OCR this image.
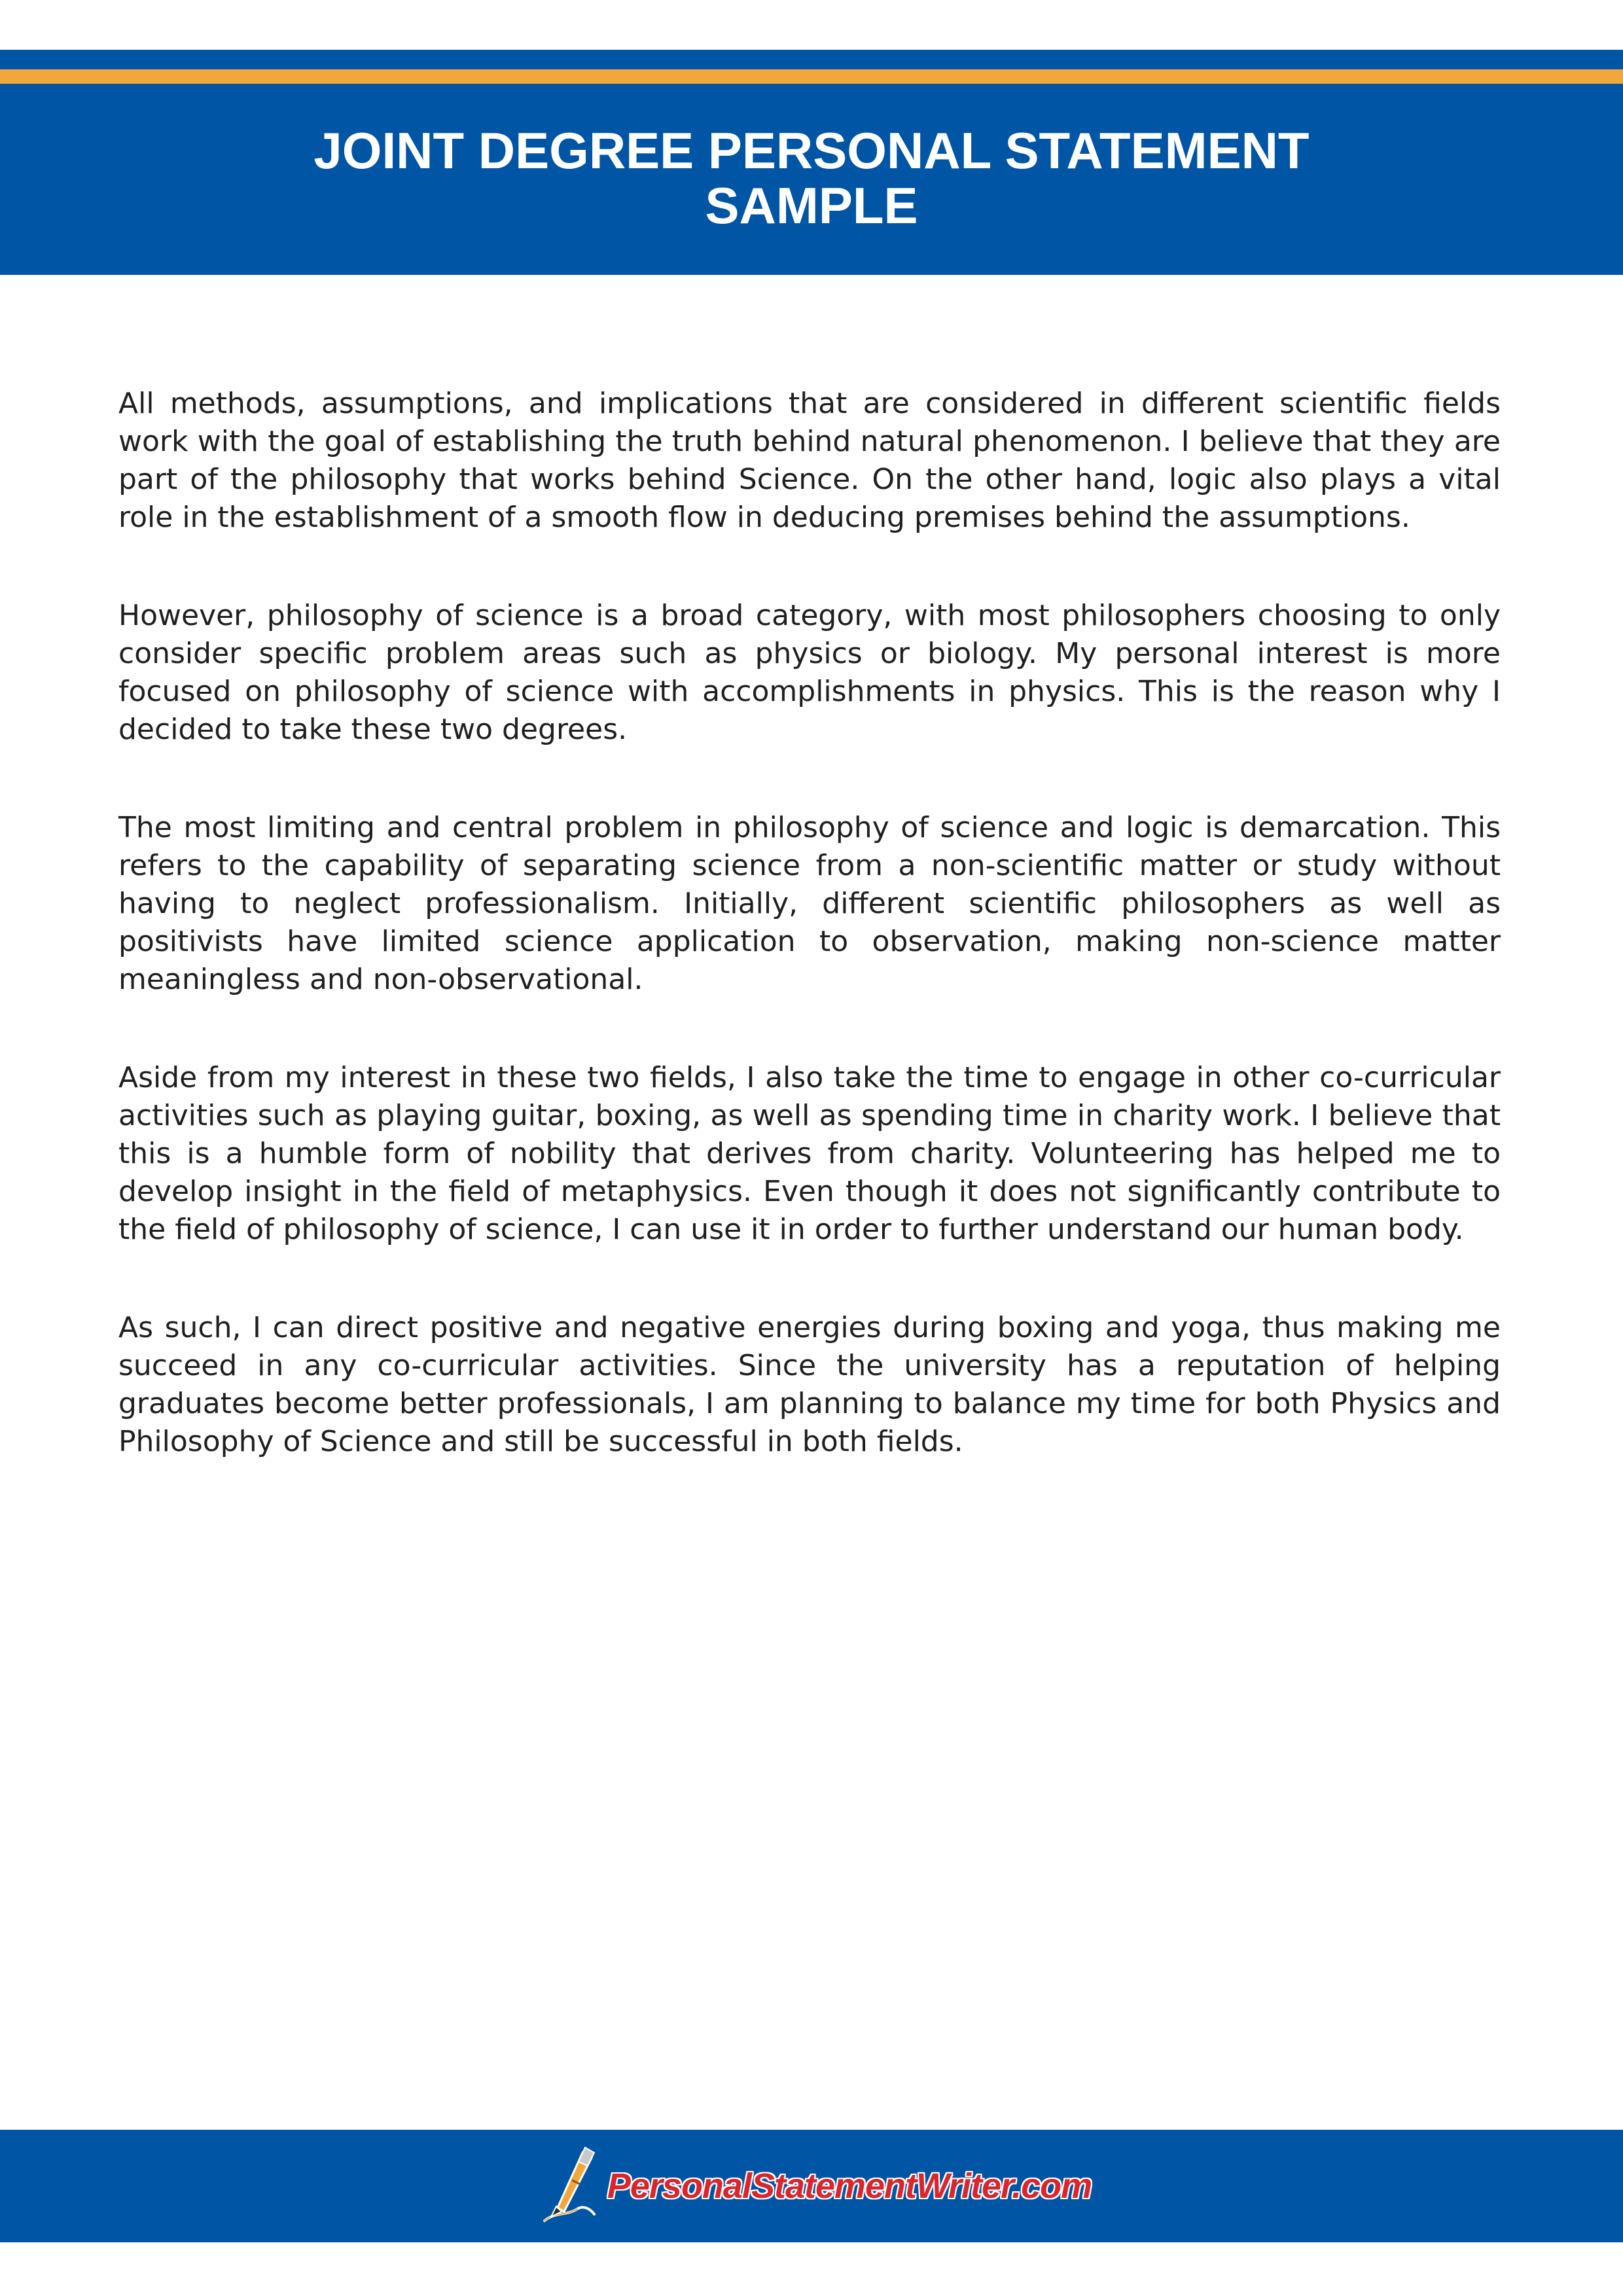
JOINT DEGREE PERSONAL STATEMENT
SAMPLE

All methods, assumptions, and implications that are considered in different scientific fields work with the goal of establishing the truth behind natural phenomenon. I believe that they are part of the philosophy that works behind Science. On the other hand, logic also plays a vital role in the establishment of a smooth flow in deducing premises behind the assumptions.

However, philosophy of science is a broad category, with most philosophers choosing to only consider specific problem areas such as physics or biology. My personal interest is more focused on philosophy of science with accomplishments in physics. This is the reason why I decided to take these two degrees.

The most limiting and central problem in philosophy of science and logic is demarcation. This refers to the capability of separating science from a non-scientific matter or study without having to neglect professionalism. Initially, different scientific philosophers as well as positivists have limited science application to observation, making non-science matter meaningless and non-observational.

Aside from my interest in these two fields, I also take the time to engage in other co-curricular activities such as playing guitar, boxing, as well as spending time in charity work. I believe that this is a humble form of nobility that derives from charity. Volunteering has helped me to develop insight in the field of metaphysics. Even though it does not significantly contribute to the field of philosophy of science, I can use it in order to further understand our human body.

As such, I can direct positive and negative energies during boxing and yoga, thus making me succeed in any co-curricular activities. Since the university has a reputation of helping graduates become better professionals, I am planning to balance my time for both Physics and Philosophy of Science and still be successful in both fields.

PersonalStatementWriter.com
